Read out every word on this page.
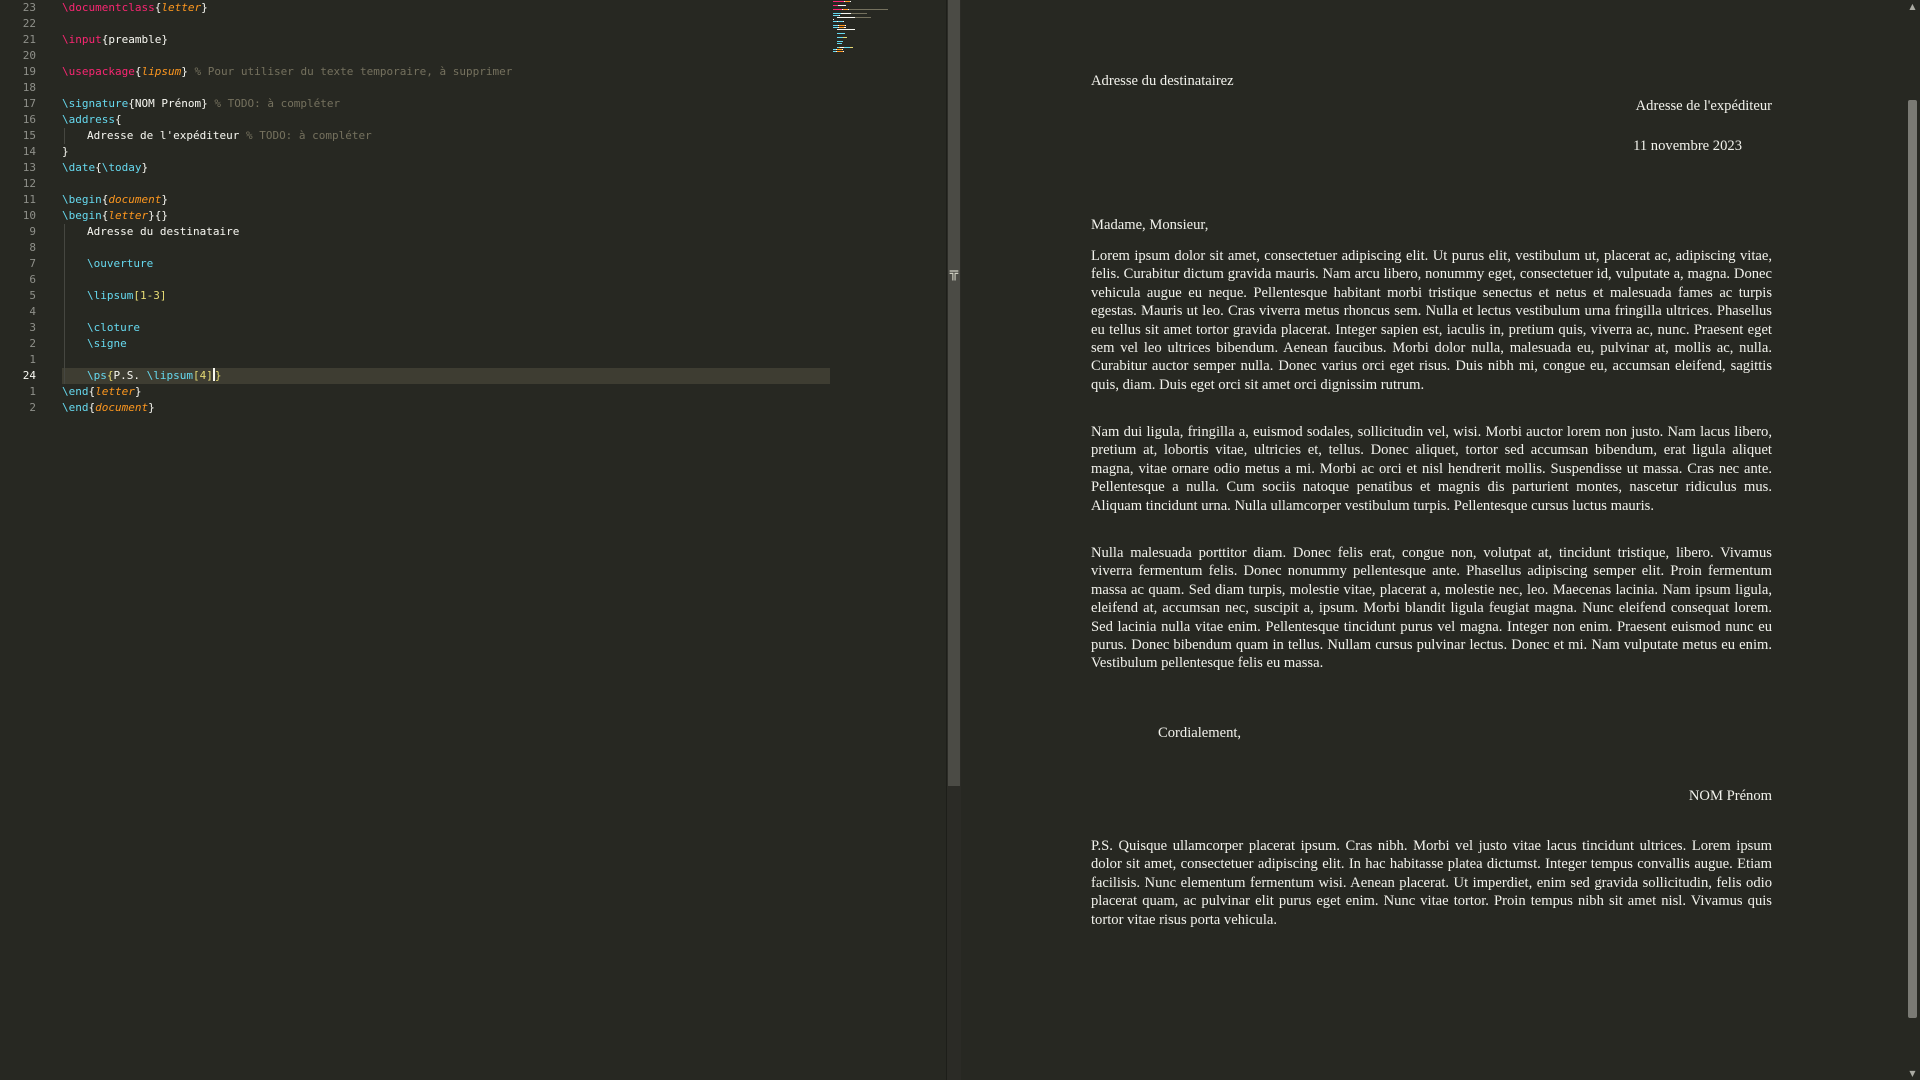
23 \documentclass{letter}
22
21 \input{preamble}
20
19 \usepackage{lipsum} % Pour utiliser du texte temporaire, à supprimer
18
17 \signature{NOM Prénom} % TODO: à compléter
16 \address{
15	Adresse de l'expéditeur % TODO: à compléter
14 }
13 \date{\today}
12
11 \begin{document}
10 \begin{letter}{}
9	Adresse du destinataire
8
7	\ouverture
6
5	\lipsum[1-3]
4
3	\cloture
2	\signe
1
24	\ps{P.S. \lipsum[4] }
1 \end{letter}
2 \end{document}
╦
Adresse du destinatairez
Adresse de l'expéditeur
11 novembre 2023
Madame, Monsieur,

Lorem ipsum dolor sit amet, consectetuer adipiscing elit. Ut purus elit, vestibulum ut, placerat ac, adipiscing vitae, felis. Curabitur dictum gravida mauris. Nam arcu libero, nonummy eget, consectetuer id, vulputate a, magna. Donec vehicula augue eu neque. Pellentesque habitant morbi tristique senectus et netus et malesuada fames ac turpis egestas. Mauris ut leo. Cras viverra metus rhoncus sem. Nulla et lectus vestibulum urna fringilla ultrices. Phasellus eu tellus sit amet tortor gravida placerat. Integer sapien est, iaculis in, pretium quis, viverra ac, nunc. Praesent eget sem vel leo ultrices bibendum. Aenean faucibus. Morbi dolor nulla, malesuada eu, pulvinar at, mollis ac, nulla. Curabitur auctor semper nulla. Donec varius orci eget risus. Duis nibh mi, congue eu, accumsan eleifend, sagittis quis, diam. Duis eget orci sit amet orci dignissim rutrum.

Nam dui ligula, fringilla a, euismod sodales, sollicitudin vel, wisi. Morbi auctor lorem non justo. Nam lacus libero, pretium at, lobortis vitae, ultricies et, tellus. Donec aliquet, tortor sed accumsan bibendum, erat ligula aliquet magna, vitae ornare odio metus a mi. Morbi ac orci et nisl hendrerit mollis. Suspendisse ut massa. Cras nec ante. Pellentesque a nulla. Cum sociis natoque penatibus et magnis dis parturient montes, nascetur ridiculus mus. Aliquam tincidunt urna. Nulla ullamcorper vestibulum turpis. Pellentesque cursus luctus mauris.

Nulla malesuada porttitor diam. Donec felis erat, congue non, volutpat at, tincidunt tristique, libero. Vivamus viverra fermentum felis. Donec nonummy pellentesque ante. Phasellus adipiscing semper elit. Proin fermentum massa ac quam. Sed diam turpis, molestie vitae, placerat a, molestie nec, leo. Maecenas lacinia. Nam ipsum ligula, eleifend at, accumsan nec, suscipit a, ipsum. Morbi blandit ligula feugiat magna. Nunc eleifend consequat lorem. Sed lacinia nulla vitae enim. Pellentesque tincidunt purus vel magna. Integer non enim. Praesent euismod nunc eu purus. Donec bibendum quam in tellus. Nullam cursus pulvinar lectus. Donec et mi. Nam vulputate metus eu enim. Vestibulum pellentesque felis eu massa.

Cordialement,
NOM Prénom

P.S. Quisque ullamcorper placerat ipsum. Cras nibh. Morbi vel justo vitae lacus tincidunt ultrices. Lorem ipsum dolor sit amet, consectetuer adipiscing elit. In hac habitasse platea dictumst. Integer tempus convallis augue. Etiam facilisis. Nunc elementum fermentum wisi. Aenean placerat. Ut imperdiet, enim sed gravida sollicitudin, felis odio placerat quam, ac pulvinar elit purus eget enim. Nunc vitae tortor. Proin tempus nibh sit amet nisl. Vivamus quis tortor vitae risus porta vehicula.

▲
▼
